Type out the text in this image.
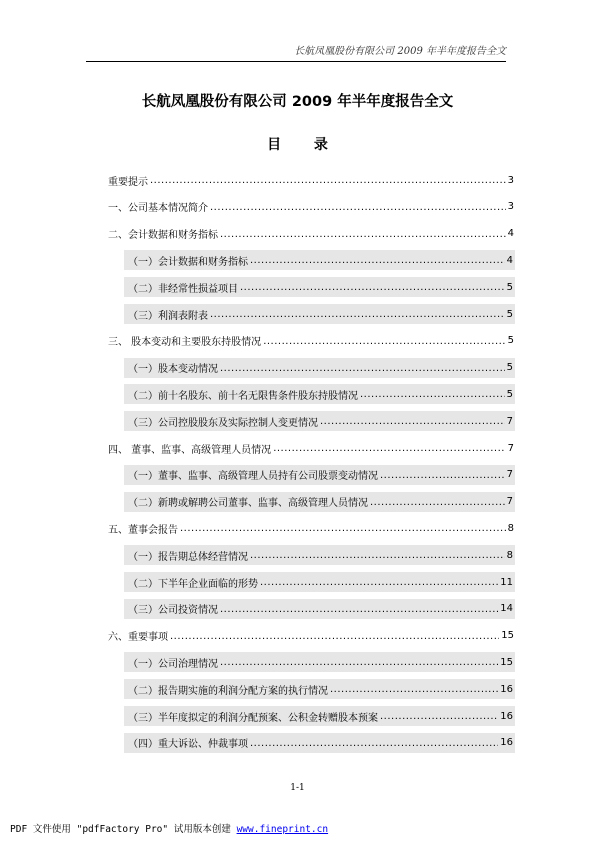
长航凤凰股份有限公司 2009 年半年度报告全文
长航凤凰股份有限公司 2009 年半年度报告全文
目 录
重要提示 .....	3
一、公司基本情况简介 .....	3
二、会计数据和财务指标 .....	4
（一）会计数据和财务指标 .....	4
（二）非经常性损益项目 .....	5
（三）利润表附表 .....	5
三、 股本变动和主要股东持股情况 .....	5
（一）股本变动情况 .....	5
（二）前十名股东、前十名无限售条件股东持股情况 .....	5
（三）公司控股股东及实际控制人变更情况 .....	7
四、 董事、监事、高级管理人员情况 .....	7
（一）董事、监事、高级管理人员持有公司股票变动情况 .....	7
（二）新聘或解聘公司董事、监事、高级管理人员情况 .....	7
五、董事会报告 .....	8
（一）报告期总体经营情况 .....	8
（二）下半年企业面临的形势 .....	11
（三）公司投资情况 .....	14
六、重要事项 .....	15
（一）公司治理情况 .....	15
（二）报告期实施的利润分配方案的执行情况 .....	16
（三）半年度拟定的利润分配预案、公积金转赠股本预案 .....	16
（四）重大诉讼、仲裁事项 .....	16
1-1
PDF 文件使用 "pdfFactory Pro" 试用版本创建 www.fineprint.cn
